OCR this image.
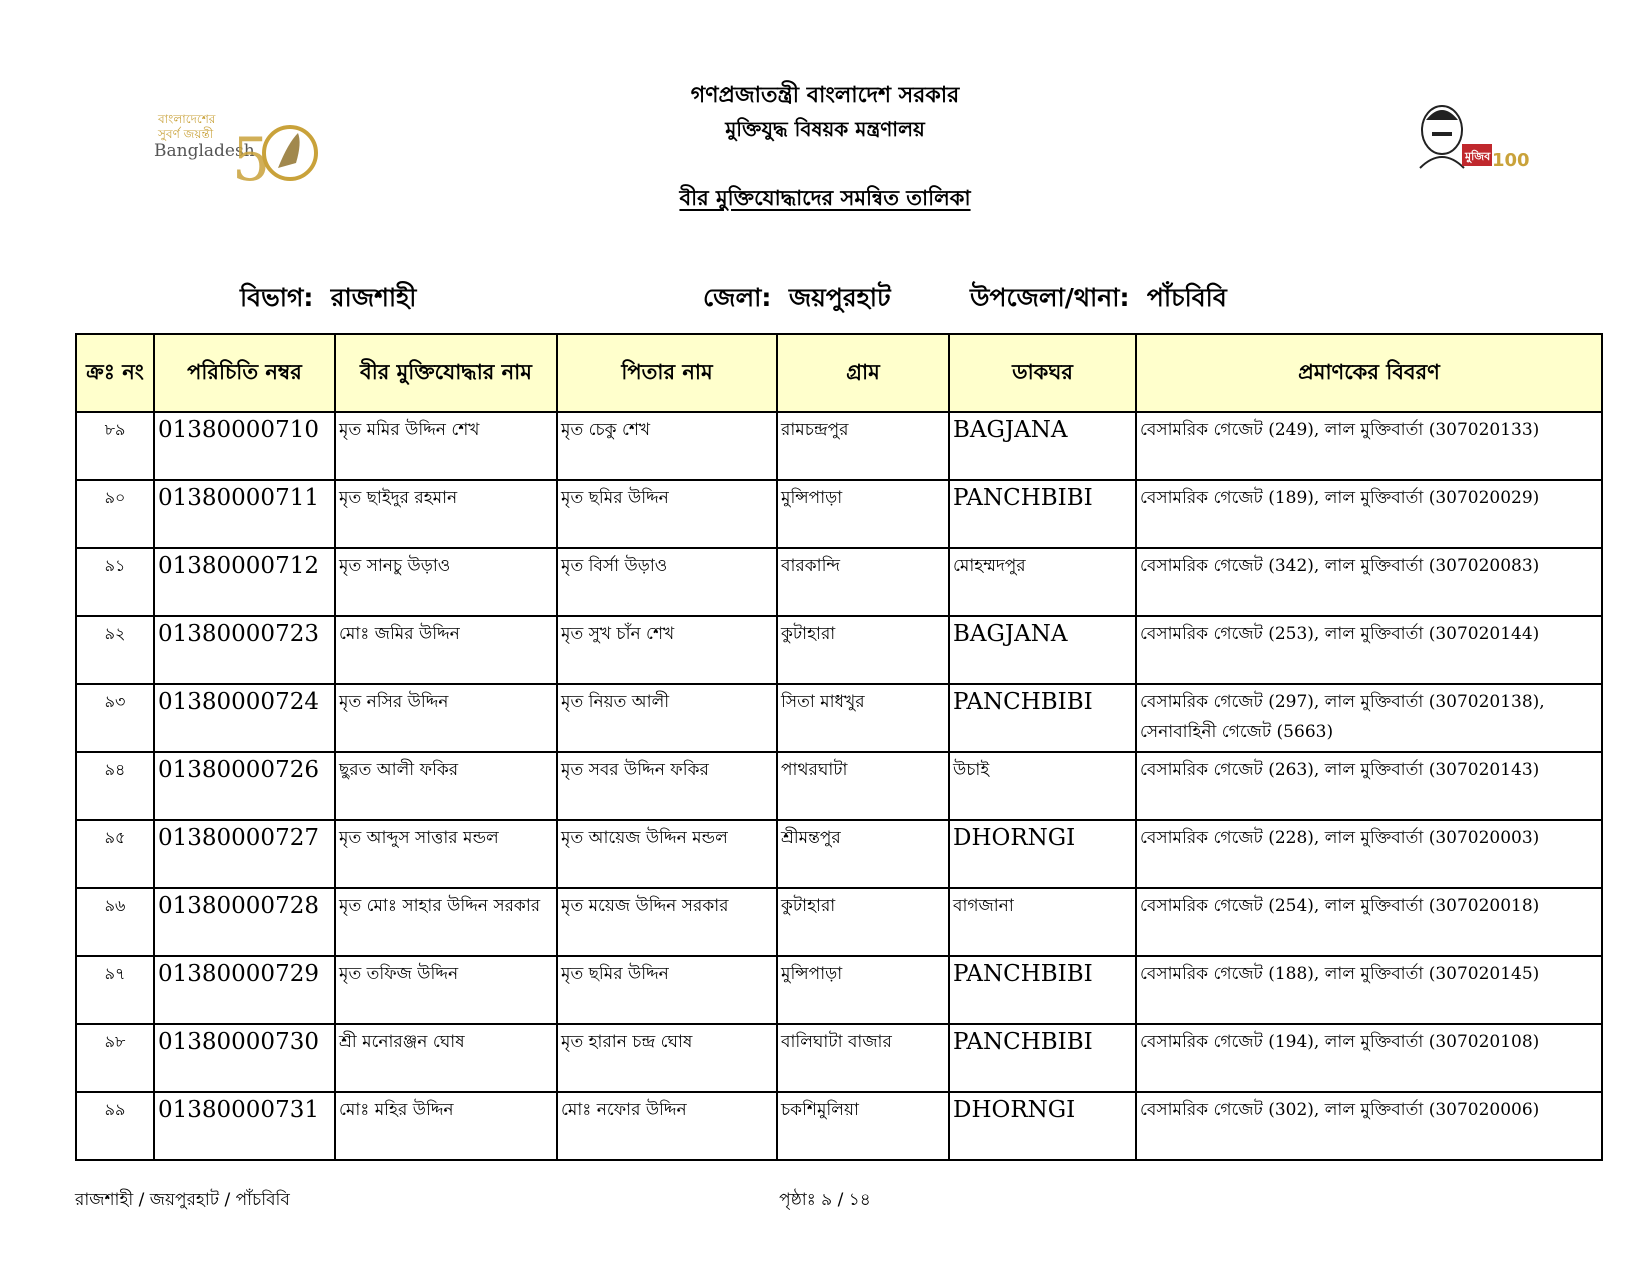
বাংলাদেশের
সুবর্ণ জয়ন্তী
Bangladesh
5	মুজিব 100
গণপ্রজাতন্ত্রী বাংলাদেশ সরকার
মুক্তিযুদ্ধ বিষয়ক মন্ত্রণালয়
বীর মুক্তিযোদ্ধাদের সমন্বিত তালিকা
বিভাগ: রাজশাহী	জেলা: জয়পুরহাট	উপজেলা/থানা: পাঁচবিবি
ক্রঃ নং	পরিচিতি নম্বর	বীর মুক্তিযোদ্ধার নাম	পিতার নাম	গ্রাম	ডাকঘর	প্রমাণকের বিবরণ
৮৯	01380000710	মৃত মমির উদ্দিন শেখ	মৃত চেকু শেখ	রামচন্দ্রপুর	BAGJANA	বেসামরিক গেজেট (249), লাল মুক্তিবার্তা (307020133)
৯০	01380000711	মৃত ছাইদুর রহমান	মৃত ছমির উদ্দিন	মুন্সিপাড়া	PANCHBIBI	বেসামরিক গেজেট (189), লাল মুক্তিবার্তা (307020029)
৯১	01380000712	মৃত সানচু উড়াও	মৃত বির্সা উড়াও	বারকান্দি	মোহম্মদপুর	বেসামরিক গেজেট (342), লাল মুক্তিবার্তা (307020083)
৯২	01380000723	মোঃ জমির উদ্দিন	মৃত সুখ চাঁন শেখ	কুটাহারা	BAGJANA	বেসামরিক গেজেট (253), লাল মুক্তিবার্তা (307020144)
৯৩	01380000724	মৃত নসির উদ্দিন	মৃত নিয়ত আলী	সিতা মাধখুর	PANCHBIBI	বেসামরিক গেজেট (297), লাল মুক্তিবার্তা (307020138), সেনাবাহিনী গেজেট (5663)
৯৪	01380000726	ছুরত আলী ফকির	মৃত সবর উদ্দিন ফকির	পাথরঘাটা	উচাই	বেসামরিক গেজেট (263), লাল মুক্তিবার্তা (307020143)
৯৫	01380000727	মৃত আব্দুস সাত্তার মন্ডল	মৃত আয়েজ উদ্দিন মন্ডল	শ্রীমন্তপুর	DHORNGI	বেসামরিক গেজেট (228), লাল মুক্তিবার্তা (307020003)
৯৬	01380000728	মৃত মোঃ সাহার উদ্দিন সরকার	মৃত ময়েজ উদ্দিন সরকার	কুটাহারা	বাগজানা	বেসামরিক গেজেট (254), লাল মুক্তিবার্তা (307020018)
৯৭	01380000729	মৃত তফিজ উদ্দিন	মৃত ছমির উদ্দিন	মুন্সিপাড়া	PANCHBIBI	বেসামরিক গেজেট (188), লাল মুক্তিবার্তা (307020145)
৯৮	01380000730	শ্রী মনোরঞ্জন ঘোষ	মৃত হারান চন্দ্র ঘোষ	বালিঘাটা বাজার	PANCHBIBI	বেসামরিক গেজেট (194), লাল মুক্তিবার্তা (307020108)
৯৯	01380000731	মোঃ মহির উদ্দিন	মোঃ নফোর উদ্দিন	চকশিমুলিয়া	DHORNGI	বেসামরিক গেজেট (302), লাল মুক্তিবার্তা (307020006)
রাজশাহী / জয়পুরহাট / পাঁচবিবি	পৃষ্ঠাঃ ৯ / ১৪
